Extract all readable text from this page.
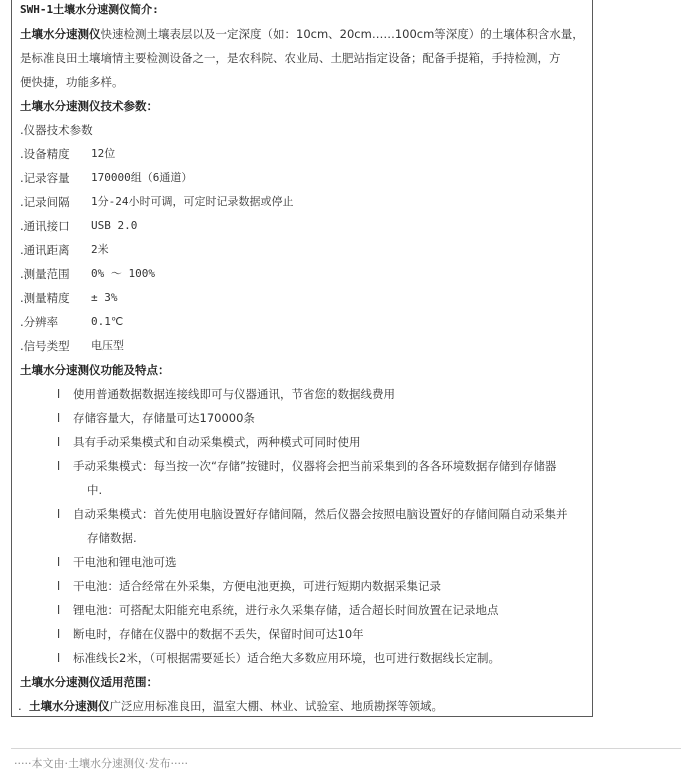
SWH-1土壤水分速测仪简介:
土壤水分速测仪快速检测土壤表层以及一定深度（如：10cm、20cm……100cm等深度）的土壤体积含水量，
是标准良田土壤墒情主要检测设备之一，是农科院、农业局、土肥站指定设备；配备手提箱，手持检测，方
便快捷，功能多样。
土壤水分速测仪技术参数：
.仪器技术参数
.设备精度 12位
.记录容量 170000组（6通道）
.记录间隔 1分-24小时可调，可定时记录数据或停止
.通讯接口 USB 2.0
.通讯距离 2米
.测量范围 0% ～ 100%
.测量精度 ± 3%
.分辨率	0.1℃
.信号类型 电压型
土壤水分速测仪功能及特点：
l 使用普通数据数据连接线即可与仪器通讯，节省您的数据线费用
l 存储容量大，存储量可达170000条
l 具有手动采集模式和自动采集模式，两种模式可同时使用
l 手动采集模式：每当按一次“存储”按键时，仪器将会把当前采集到的各各环境数据存储到存储器
中.
l 自动采集模式：首先使用电脑设置好存储间隔，然后仪器会按照电脑设置好的存储间隔自动采集并
存储数据.
l 干电池和锂电池可选
l 干电池：适合经常在外采集，方便电池更换，可进行短期内数据采集记录
l 锂电池：可搭配太阳能充电系统，进行永久采集存储，适合超长时间放置在记录地点
l 断电时，存储在仪器中的数据不丢失，保留时间可达10年
l 标准线长2米，（可根据需要延长）适合绝大多数应用环境，也可进行数据线长定制。
土壤水分速测仪适用范围：
. 土壤水分速测仪广泛应用标准良田，温室大棚、林业、试验室、地质勘探等领域。
·····本文由·土壤水分速测仪·发布·····
